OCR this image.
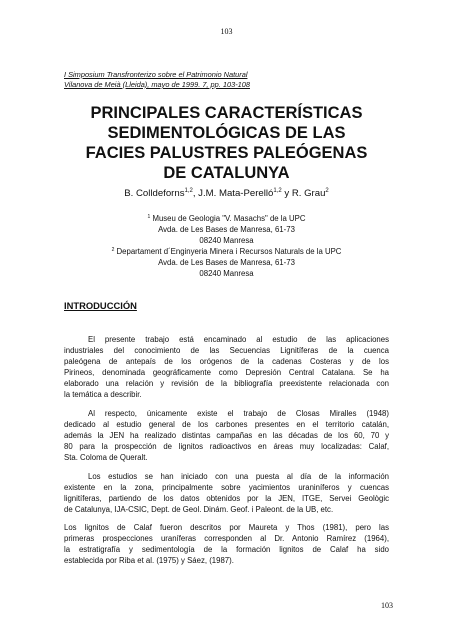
103
I Simposium Transfronterizo sobre el Patrimonio Natural
Vilanova de Meià (Lleida), mayo de 1999. 7, pp. 103-108
PRINCIPALES CARACTERÍSTICAS
SEDIMENTOLÓGICAS DE LAS
FACIES PALUSTRES PALEÓGENAS
DE CATALUNYA
B. Colldeforns$^{1,2}$, J.M. Mata-Perelló$^{1,2}$ y R. Grau$^2$
$^1$ Museu de Geologia "V. Masachs" de la UPC
Avda. de Les Bases de Manresa, 61-73
08240 Manresa
$^2$ Departament d´Enginyeria Minera i Recursos Naturals de la UPC
Avda. de Les Bases de Manresa, 61-73
08240 Manresa
INTRODUCCIÓN
El presente trabajo está encaminado al estudio de las aplicaciones
industriales del conocimiento de las Secuencias Lignitíferas de la cuenca
paleógena de antepaís de los orógenos de la cadenas Costeras y de los
Pirineos, denominada geográficamente como Depresión Central Catalana. Se ha
elaborado una relación y revisión de la bibliografía preexistente relacionada con
la temática a describir.
Al respecto, únicamente existe el trabajo de Closas Miralles (1948)
dedicado al estudio general de los carbones presentes en el territorio catalán,
además la JEN ha realizado distintas campañas en las décadas de los 60, 70 y
80 para la prospección de lignitos radioactivos en áreas muy localizadas: Calaf,
Sta. Coloma de Queralt.
Los estudios se han iniciado con una puesta al día de la información
existente en la zona, principalmente sobre yacimientos uraniníferos y cuencas
lignitíferas, partiendo de los datos obtenidos por la JEN, ITGE, Servei Geològic
de Catalunya, IJA-CSIC, Dept. de Geol. Dinám. Geof. i Paleont. de la UB, etc.
Los lignitos de Calaf fueron descritos por Maureta y Thos (1981), pero las
primeras prospecciones uraníferas corresponden al Dr. Antonio Ramírez (1964),
la estratigrafía y sedimentología de la formación lignitos de Calaf ha sido
establecida por Riba et al. (1975) y Sáez, (1987).
103
